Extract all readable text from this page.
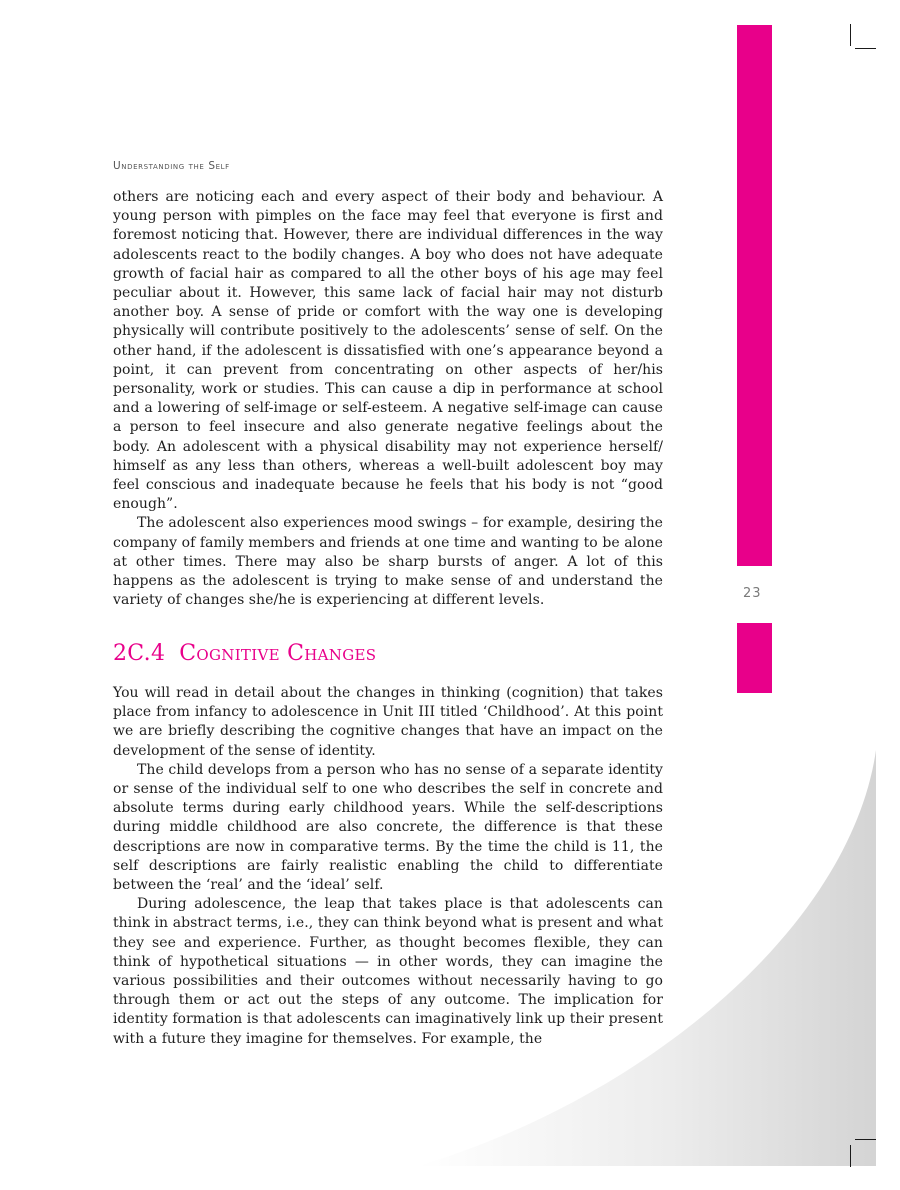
Understanding the Self
23

others are noticing each and every aspect of their body and behaviour. A young person with pimples on the face may feel that everyone is first and foremost noticing that. However, there are individual differences in the way adolescents react to the bodily changes. A boy who does not have adequate growth of facial hair as compared to all the other boys of his age may feel peculiar about it. However, this same lack of facial hair may not disturb another boy. A sense of pride or comfort with the way one is developing physically will contribute positively to the adolescents’ sense of self. On the other hand, if the adolescent is dissatisfied with one’s appearance beyond a point, it can prevent from concentrating on other aspects of her/his personality, work or studies. This can cause a dip in performance at school and a lowering of self-image or self-esteem. A negative self-image can cause a person to feel insecure and also generate negative feelings about the body. An adolescent with a physical disability may not experience herself/ himself as any less than others, whereas a well-built adolescent boy may feel conscious and inadequate because he feels that his body is not “good enough”.

The adolescent also experiences mood swings – for example, desiring the company of family members and friends at one time and wanting to be alone at other times. There may also be sharp bursts of anger. A lot of this happens as the adolescent is trying to make sense of and understand the variety of changes she/he is experiencing at different levels.

2C.4 Cognitive Changes

You will read in detail about the changes in thinking (cognition) that takes place from infancy to adolescence in Unit III titled ‘Childhood’. At this point we are briefly describing the cognitive changes that have an impact on the development of the sense of identity.

The child develops from a person who has no sense of a separate identity or sense of the individual self to one who describes the self in concrete and absolute terms during early childhood years. While the self-descriptions during middle childhood are also concrete, the difference is that these descriptions are now in comparative terms. By the time the child is 11, the self descriptions are fairly realistic enabling the child to differentiate between the ‘real’ and the ‘ideal’ self.

During adolescence, the leap that takes place is that adolescents can think in abstract terms, i.e., they can think beyond what is present and what they see and experience. Further, as thought becomes flexible, they can think of hypothetical situations — in other words, they can imagine the various possibilities and their outcomes without necessarily having to go through them or act out the steps of any outcome. The implication for identity formation is that adolescents can imaginatively link up their present with a future they imagine for themselves. For example, the
